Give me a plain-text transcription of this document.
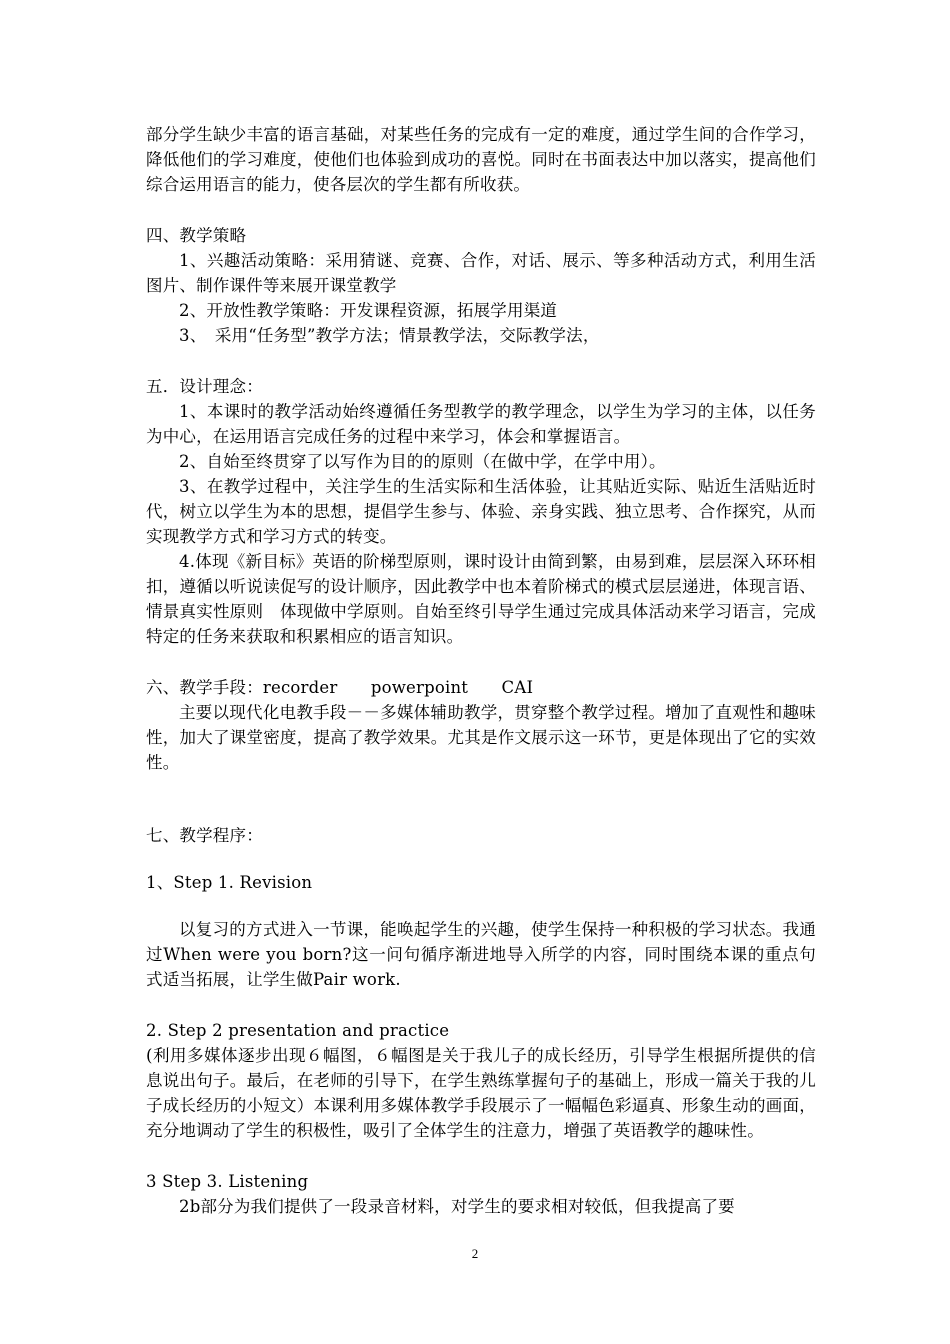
部分学生缺少丰富的语言基础，对某些任务的完成有一定的难度，通过学生间的合作学习，降低他们的学习难度，使他们也体验到成功的喜悦。同时在书面表达中加以落实，提高他们综合运用语言的能力，使各层次的学生都有所收获。

四、教学策略

1、兴趣活动策略：采用猜谜、竞赛、合作，对话、展示、等多种活动方式，利用生活图片、制作课件等来展开课堂教学

2、开放性教学策略：开发课程资源，拓展学用渠道

3、　采用“任务型”教学方法；情景教学法，交际教学法，

五．设计理念：

1、本课时的教学活动始终遵循任务型教学的教学理念，以学生为学习的主体，以任务为中心，在运用语言完成任务的过程中来学习，体会和掌握语言。

2、自始至终贯穿了以写作为目的的原则（在做中学，在学中用）。

3、在教学过程中，关注学生的生活实际和生活体验，让其贴近实际、贴近生活贴近时代，树立以学生为本的思想，提倡学生参与、体验、亲身实践、独立思考、合作探究，从而实现教学方式和学习方式的转变。

4.体现《新目标》英语的阶梯型原则，课时设计由简到繁，由易到难，层层深入环环相扣，遵循以听说读促写的设计顺序，因此教学中也本着阶梯式的模式层层递进，体现言语、情景真实性原则　体现做中学原则。自始至终引导学生通过完成具体活动来学习语言，完成特定的任务来获取和积累相应的语言知识。

六、教学手段：recorder　　powerpoint　　CAI

主要以现代化电教手段－－多媒体辅助教学，贯穿整个教学过程。增加了直观性和趣味性，加大了课堂密度，提高了教学效果。尤其是作文展示这一环节，更是体现出了它的实效性。

七、教学程序：

1、Step 1. Revision

以复习的方式进入一节课，能唤起学生的兴趣，使学生保持一种积极的学习状态。我通过When were you born?这一问句循序渐进地导入所学的内容，同时围绕本课的重点句式适当拓展，让学生做Pair work.

2. Step 2 presentation and practice

(利用多媒体逐步出现６幅图，６幅图是关于我儿子的成长经历，引导学生根据所提供的信息说出句子。最后，在老师的引导下，在学生熟练掌握句子的基础上，形成一篇关于我的儿子成长经历的小短文）本课利用多媒体教学手段展示了一幅幅色彩逼真、形象生动的画面，充分地调动了学生的积极性，吸引了全体学生的注意力，增强了英语教学的趣味性。

3 Step 3. Listening

2b部分为我们提供了一段录音材料，对学生的要求相对较低，但我提高了要

2
